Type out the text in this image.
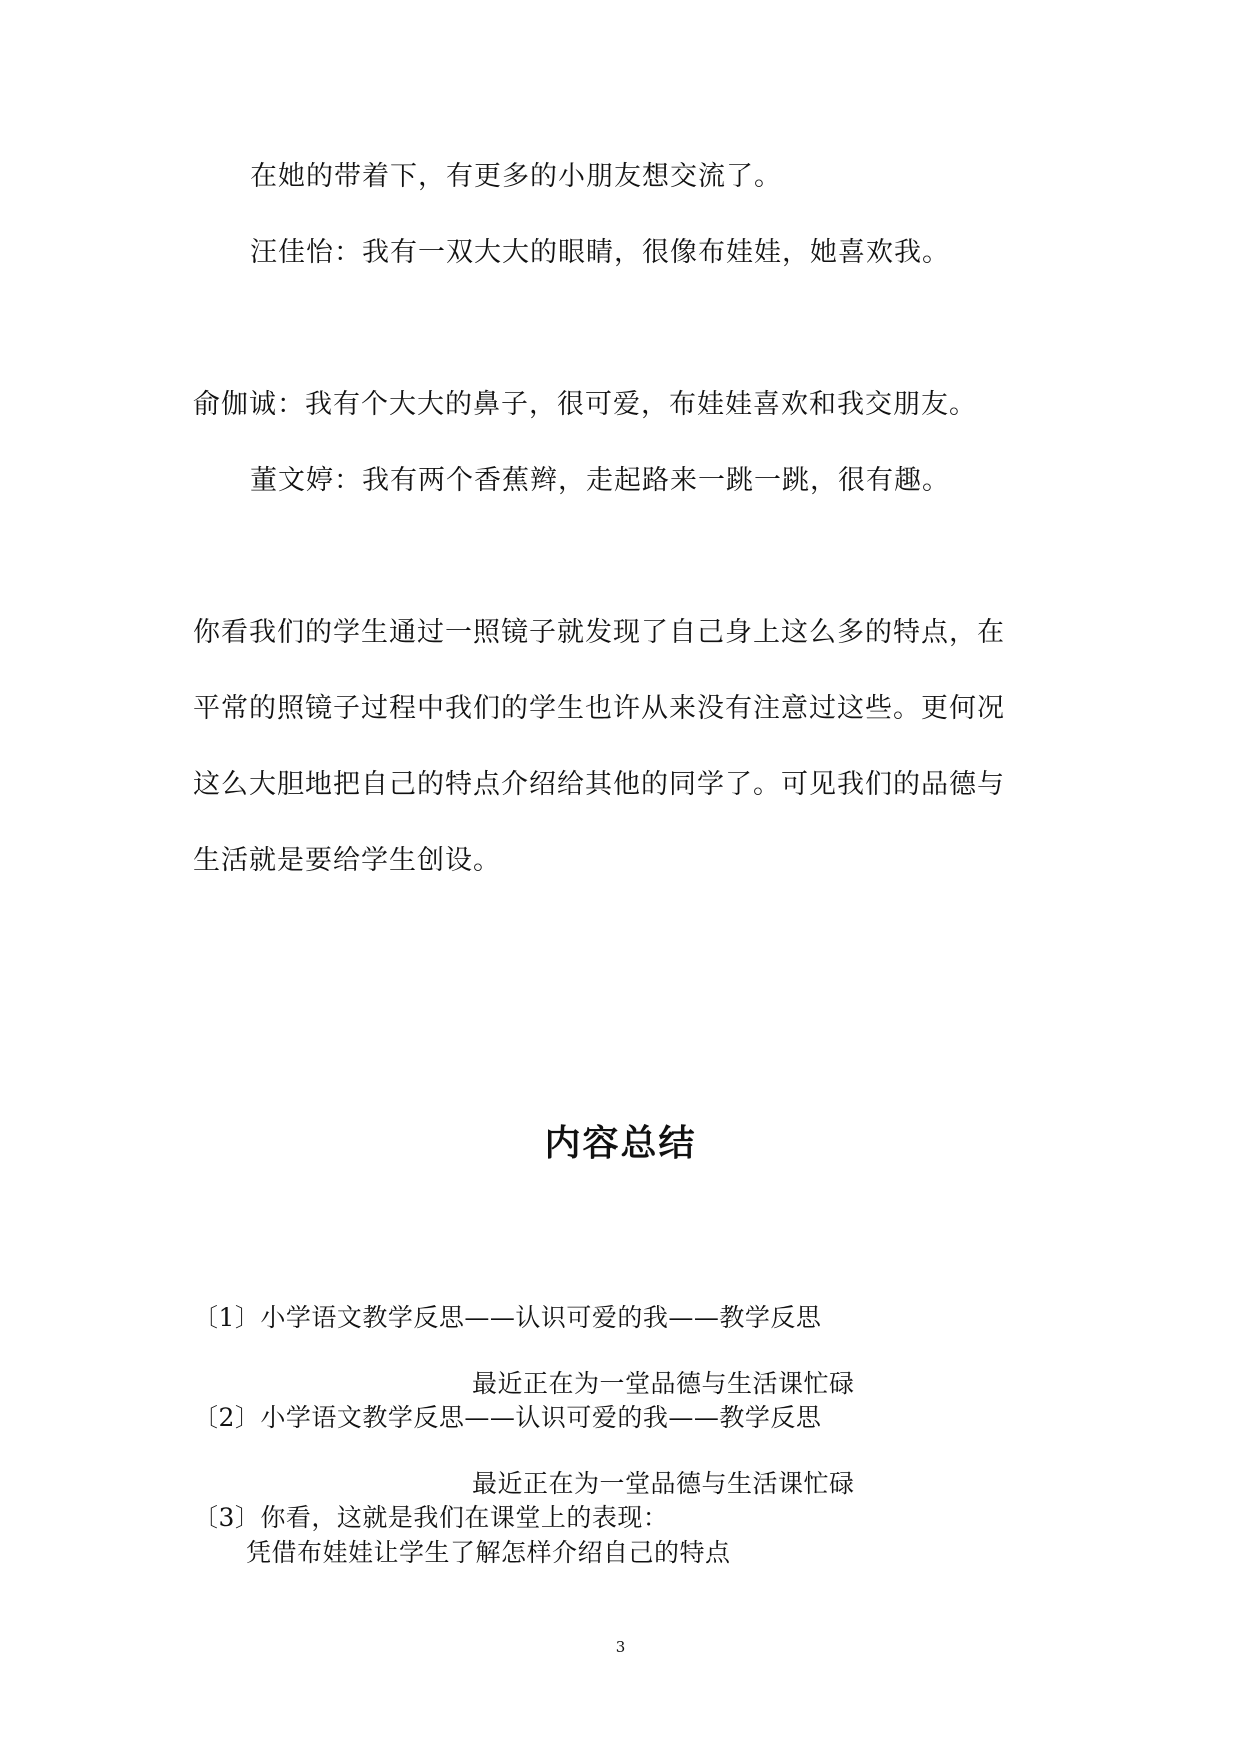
在她的带着下，有更多的小朋友想交流了。
汪佳怡：我有一双大大的眼睛，很像布娃娃，她喜欢我。
俞伽诚：我有个大大的鼻子，很可爱，布娃娃喜欢和我交朋友。
董文婷：我有两个香蕉辫，走起路来一跳一跳，很有趣。
你看我们的学生通过一照镜子就发现了自己身上这么多的特点，在
平常的照镜子过程中我们的学生也许从来没有注意过这些。更何况
这么大胆地把自己的特点介绍给其他的同学了。可见我们的品德与
生活就是要给学生创设。
内容总结
〔1〕小学语文教学反思——认识可爱的我——教学反思
最近正在为一堂品德与生活课忙碌
〔2〕小学语文教学反思——认识可爱的我——教学反思
最近正在为一堂品德与生活课忙碌
〔3〕你看，这就是我们在课堂上的表现：
凭借布娃娃让学生了解怎样介绍自己的特点
3
